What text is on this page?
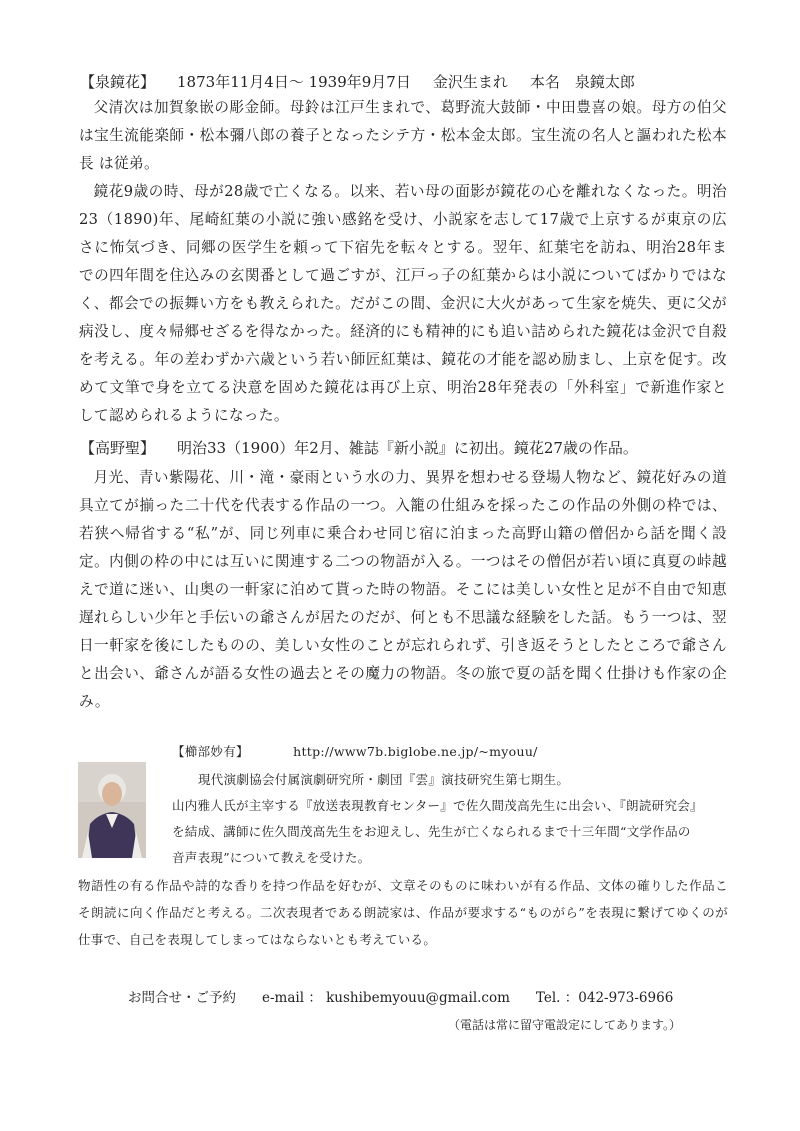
【泉鏡花】 1873年11月4日～ 1939年9月7日 金沢生まれ 本名　泉鏡太郎

父清次は加賀象嵌の彫金師。母鈴は江戸生まれで、葛野流大鼓師・中田豊喜の娘。母方の伯父は宝生流能楽師・松本彌八郎の養子となったシテ方・松本金太郎。宝生流の名人と謳われた松本長 は従弟。

鏡花9歳の時、母が28歳で亡くなる。以来、若い母の面影が鏡花の心を離れなくなった。明治23（1890)年、尾崎紅葉の小説に強い感銘を受け、小説家を志して17歳で上京するが東京の広さに怖気づき、同郷の医学生を頼って下宿先を転々とする。翌年、紅葉宅を訪ね、明治28年までの四年間を住込みの玄関番として過ごすが、江戸っ子の紅葉からは小説についてばかりではなく、都会での振舞い方をも教えられた。だがこの間、金沢に大火があって生家を焼失、更に父が病没し、度々帰郷せざるを得なかった。経済的にも精神的にも追い詰められた鏡花は金沢で自殺を考える。年の差わずか六歳という若い師匠紅葉は、鏡花の才能を認め励まし、上京を促す。改めて文筆で身を立てる決意を固めた鏡花は再び上京、明治28年発表の「外科室」で新進作家として認められるようになった。

【高野聖】 明治33（1900）年2月、雑誌『新小説』に初出。鏡花27歳の作品。

月光、青い紫陽花、川・滝・豪雨という水の力、異界を想わせる登場人物など、鏡花好みの道具立てが揃った二十代を代表する作品の一つ。入籠の仕組みを採ったこの作品の外側の枠では、若狭へ帰省する“私”が、同じ列車に乗合わせ同じ宿に泊まった高野山籍の僧侶から話を聞く設定。内側の枠の中には互いに関連する二つの物語が入る。一つはその僧侶が若い頃に真夏の峠越えで道に迷い、山奥の一軒家に泊めて貰った時の物語。そこには美しい女性と足が不自由で知恵遅れらしい少年と手伝いの爺さんが居たのだが、何とも不思議な経験をした話。もう一つは、翌日一軒家を後にしたものの、美しい女性のことが忘れられず、引き返そうとしたところで爺さんと出会い、爺さんが語る女性の過去とその魔力の物語。冬の旅で夏の話を聞く仕掛けも作家の企み。

【櫛部妙有】	http://www7b.biglobe.ne.jp/~myouu/
現代演劇協会付属演劇研究所・劇団『雲』演技研究生第七期生。
山内雅人氏が主宰する『放送表現教育センター』で佐久間茂高先生に出会い、『朗読研究会』
を結成、講師に佐久間茂高先生をお迎えし、先生が亡くなられるまで十三年間“文学作品の
音声表現”について教えを受けた。
物語性の有る作品や詩的な香りを持つ作品を好むが、文章そのものに味わいが有る作品、文体の確りした作品こそ朗読に向く作品だと考える。二次表現者である朗読家は、作品が要求する“ものがら”を表現に繋げてゆくのが仕事で、自己を表現してしまってはならないとも考えている。
お問合せ・ご予約 e-mail ： kushibemyouu@gmail.com Tel. ：042-973-6966
（電話は常に留守電設定にしてあります。）
